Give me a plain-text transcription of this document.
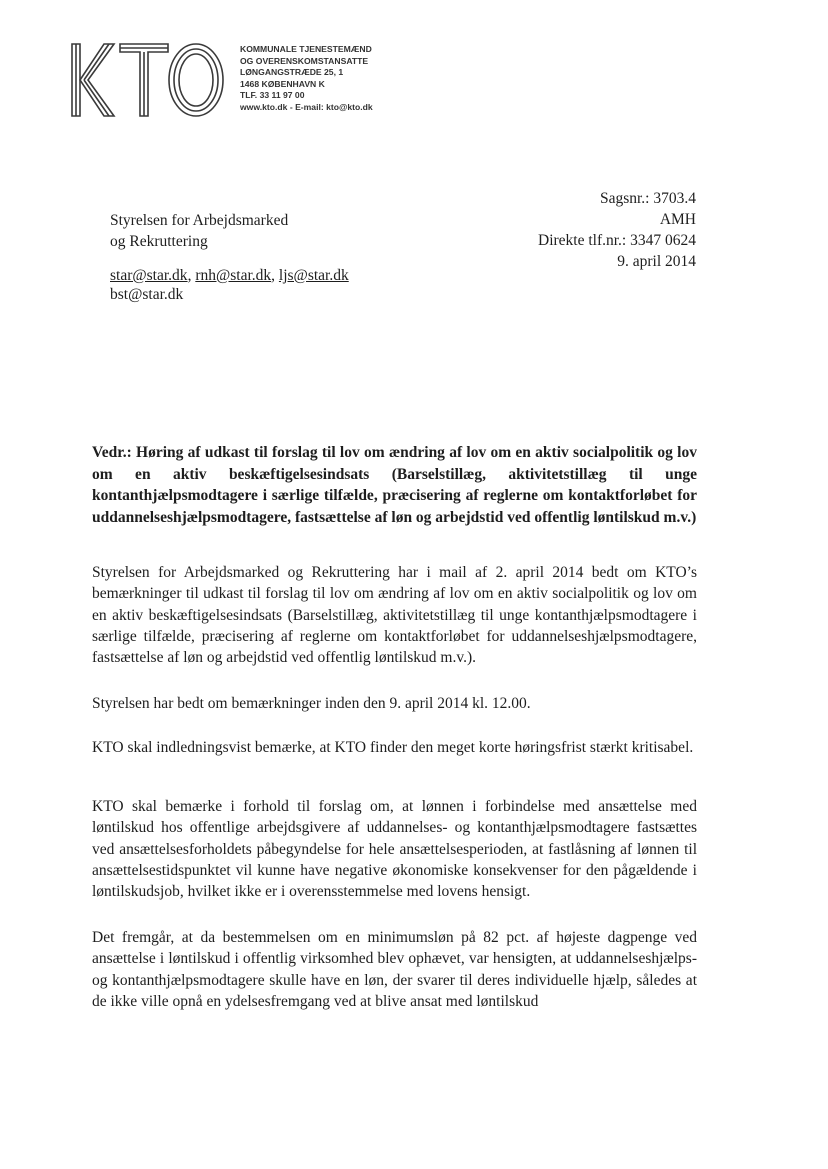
KOMMUNALE TJENESTEMÆND
OG OVERENSKOMSTANSATTE
LØNGANGSTRÆDE 25, 1
1468 KØBENHAVN K
TLF. 33 11 97 00
www.kto.dk - E-mail: kto@kto.dk
Styrelsen for Arbejdsmarked
og Rekruttering
Sagsnr.: 3703.4
AMH
Direkte tlf.nr.: 3347 0624
9. april 2014
star@star.dk, rnh@star.dk, ljs@star.dk
bst@star.dk

Vedr.: Høring af udkast til forslag til lov om ændring af lov om en aktiv socialpolitik og lov om en aktiv beskæftigelsesindsats (Barselstillæg, aktivitetstillæg til unge kontanthjælpsmodtagere i særlige tilfælde, præcisering af reglerne om kontaktforløbet for uddannelseshjælpsmodtagere, fastsættelse af løn og arbejdstid ved offentlig løntilskud m.v.)

Styrelsen for Arbejdsmarked og Rekruttering har i mail af 2. april 2014 bedt om KTO’s bemærkninger til udkast til forslag til lov om ændring af lov om en aktiv socialpolitik og lov om en aktiv beskæftigelsesindsats (Barselstillæg, aktivitetstillæg til unge kontanthjælpsmodtagere i særlige tilfælde, præcisering af reglerne om kontaktforløbet for uddannelseshjælpsmodtagere, fastsættelse af løn og arbejdstid ved offentlig løntilskud m.v.).

Styrelsen har bedt om bemærkninger inden den 9. april 2014 kl. 12.00.

KTO skal indledningsvist bemærke, at KTO finder den meget korte høringsfrist stærkt kritisabel.

KTO skal bemærke i forhold til forslag om, at lønnen i forbindelse med ansættelse med løntilskud hos offentlige arbejdsgivere af uddannelses- og kontanthjælpsmodtagere fastsættes ved ansættelsesforholdets påbegyndelse for hele ansættelsesperioden, at fastlåsning af lønnen til ansættelsestidspunktet vil kunne have negative økonomiske konsekvenser for den pågældende i løntilskudsjob, hvilket ikke er i overensstemmelse med lovens hensigt.

Det fremgår, at da bestemmelsen om en minimumsløn på 82 pct. af højeste dagpenge ved ansættelse i løntilskud i offentlig virksomhed blev ophævet, var hensigten, at uddannelseshjælps- og kontanthjælpsmodtagere skulle have en løn, der svarer til deres individuelle hjælp, således at de ikke ville opnå en ydelsesfremgang ved at blive ansat med løntilskud
